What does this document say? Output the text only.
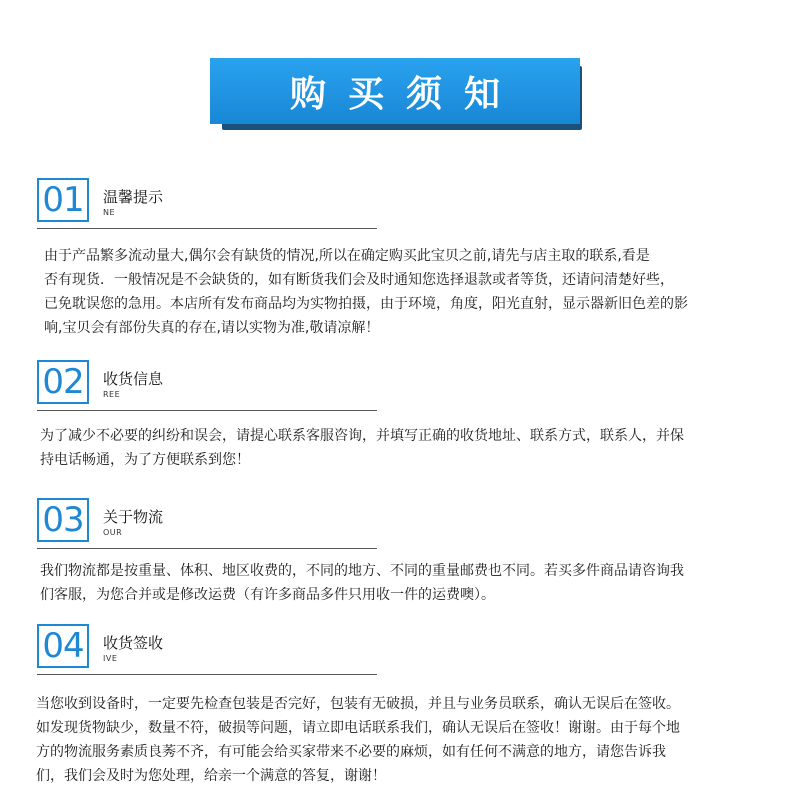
购买须知
01 温馨提示
NE
由于产品繁多流动量大,偶尔会有缺货的情况,所以在确定购买此宝贝之前,请先与店主取的联系,看是
否有现货．一般情况是不会缺货的，如有断货我们会及时通知您选择退款或者等货，还请问清楚好些，
已免耽误您的急用。本店所有发布商品均为实物拍摄，由于环境，角度，阳光直射，显示器新旧色差的影
响,宝贝会有部份失真的存在,请以实物为准,敬请凉解！
02 收货信息
REE
为了减少不必要的纠纷和误会，请提心联系客服咨询，并填写正确的收货地址、联系方式，联系人，并保
持电话畅通，为了方便联系到您！
03 关于物流
OUR
我们物流都是按重量、体积、地区收费的，不同的地方、不同的重量邮费也不同。若买多件商品请咨询我
们客服，为您合并或是修改运费（有许多商品多件只用收一件的运费噢）。
04 收货签收
IVE
当您收到设备时，一定要先检查包装是否完好，包装有无破损，并且与业务员联系，确认无误后在签收。
如发现货物缺少，数量不符，破损等问题，请立即电话联系我们，确认无误后在签收！谢谢。由于每个地
方的物流服务素质良莠不齐，有可能会给买家带来不必要的麻烦，如有任何不满意的地方，请您告诉我
们，我们会及时为您处理，给亲一个满意的答复，谢谢！
